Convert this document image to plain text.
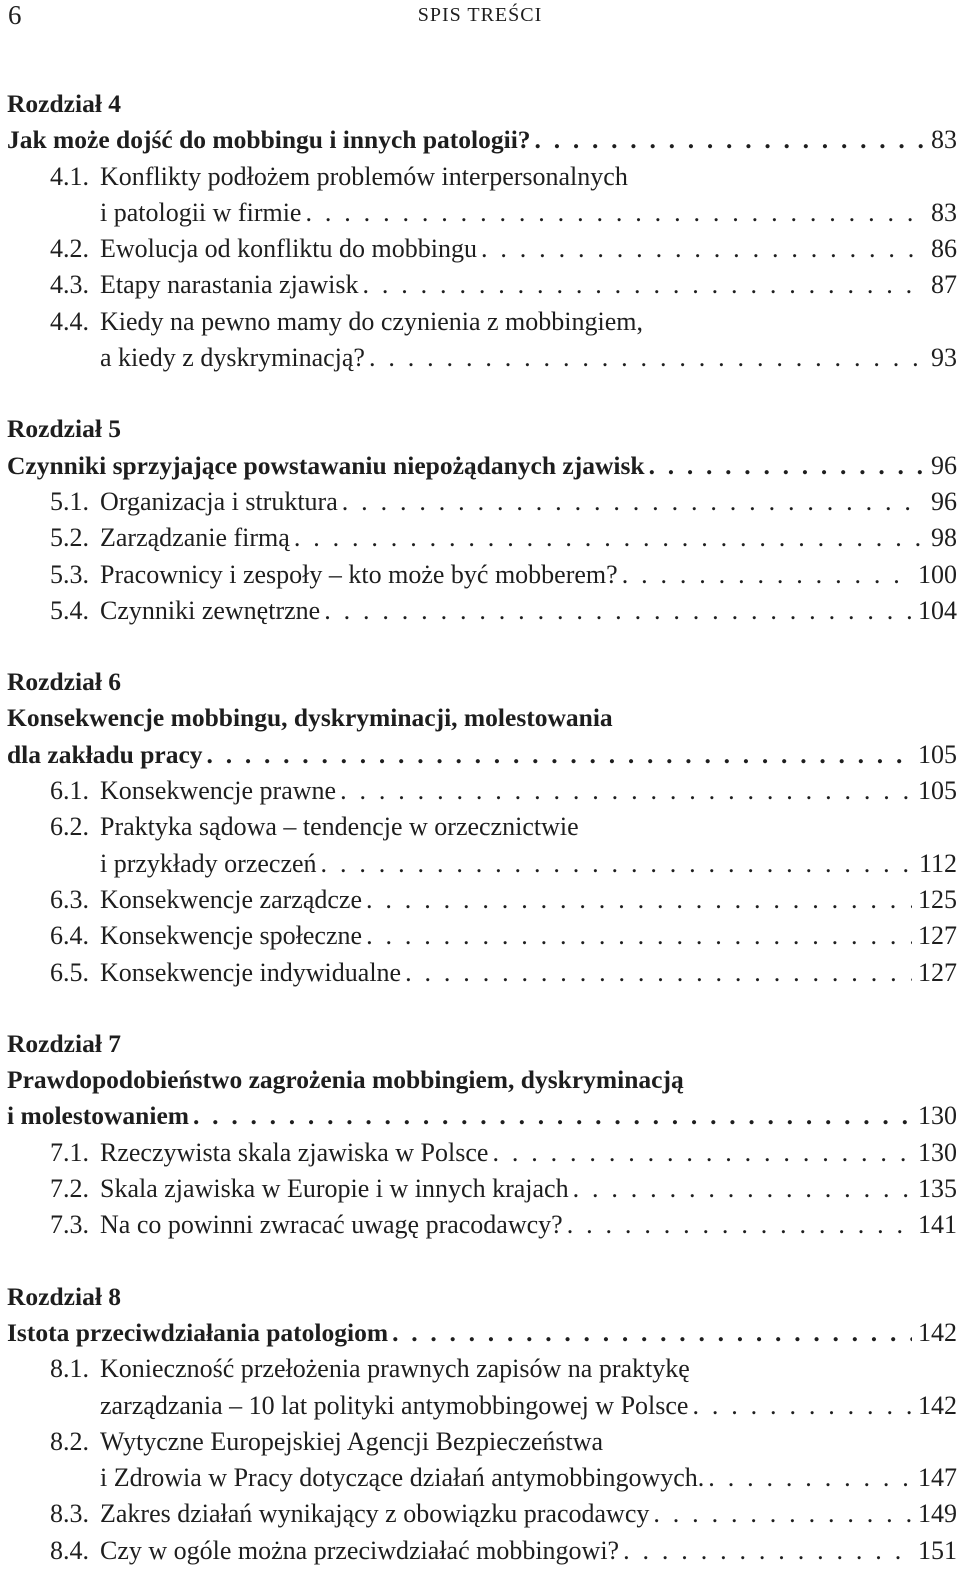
6	SPIS TREŚCI
Rozdział 4
Jak może dojść do mobbingu i innych patologii? . . .	83
4.1. Konflikty podłożem problemów interpersonalnych
i patologii w firmie . . .	83
4.2. Ewolucja od konfliktu do mobbingu . . .	86
4.3. Etapy narastania zjawisk . . .	87
4.4. Kiedy na pewno mamy do czynienia z mobbingiem,
a kiedy z dyskryminacją? . . .	93
Rozdział 5
Czynniki sprzyjające powstawaniu niepożądanych zjawisk . . .	96
5.1. Organizacja i struktura . . .	96
5.2. Zarządzanie firmą . . .	98
5.3. Pracownicy i zespoły – kto może być mobberem? . . .	100
5.4. Czynniki zewnętrzne . . .	104
Rozdział 6
Konsekwencje mobbingu, dyskryminacji, molestowania
dla zakładu pracy . . .	105
6.1. Konsekwencje prawne . . .	105
6.2. Praktyka sądowa – tendencje w orzecznictwie
i przykłady orzeczeń . . .	112
6.3. Konsekwencje zarządcze . . .	125
6.4. Konsekwencje społeczne . . .	127
6.5. Konsekwencje indywidualne . . .	127
Rozdział 7
Prawdopodobieństwo zagrożenia mobbingiem, dyskryminacją
i molestowaniem . . .	130
7.1. Rzeczywista skala zjawiska w Polsce . . .	130
7.2. Skala zjawiska w Europie i w innych krajach . . .	135
7.3. Na co powinni zwracać uwagę pracodawcy? . . .	141
Rozdział 8
Istota przeciwdziałania patologiom . . .	142
8.1. Konieczność przełożenia prawnych zapisów na praktykę
zarządzania – 10 lat polityki antymobbingowej w Polsce . . .	142
8.2. Wytyczne Europejskiej Agencji Bezpieczeństwa
i Zdrowia w Pracy dotyczące działań antymobbingowych. . . .	147
8.3. Zakres działań wynikający z obowiązku pracodawcy . . .	149
8.4. Czy w ogóle można przeciwdziałać mobbingowi? . . .	151
